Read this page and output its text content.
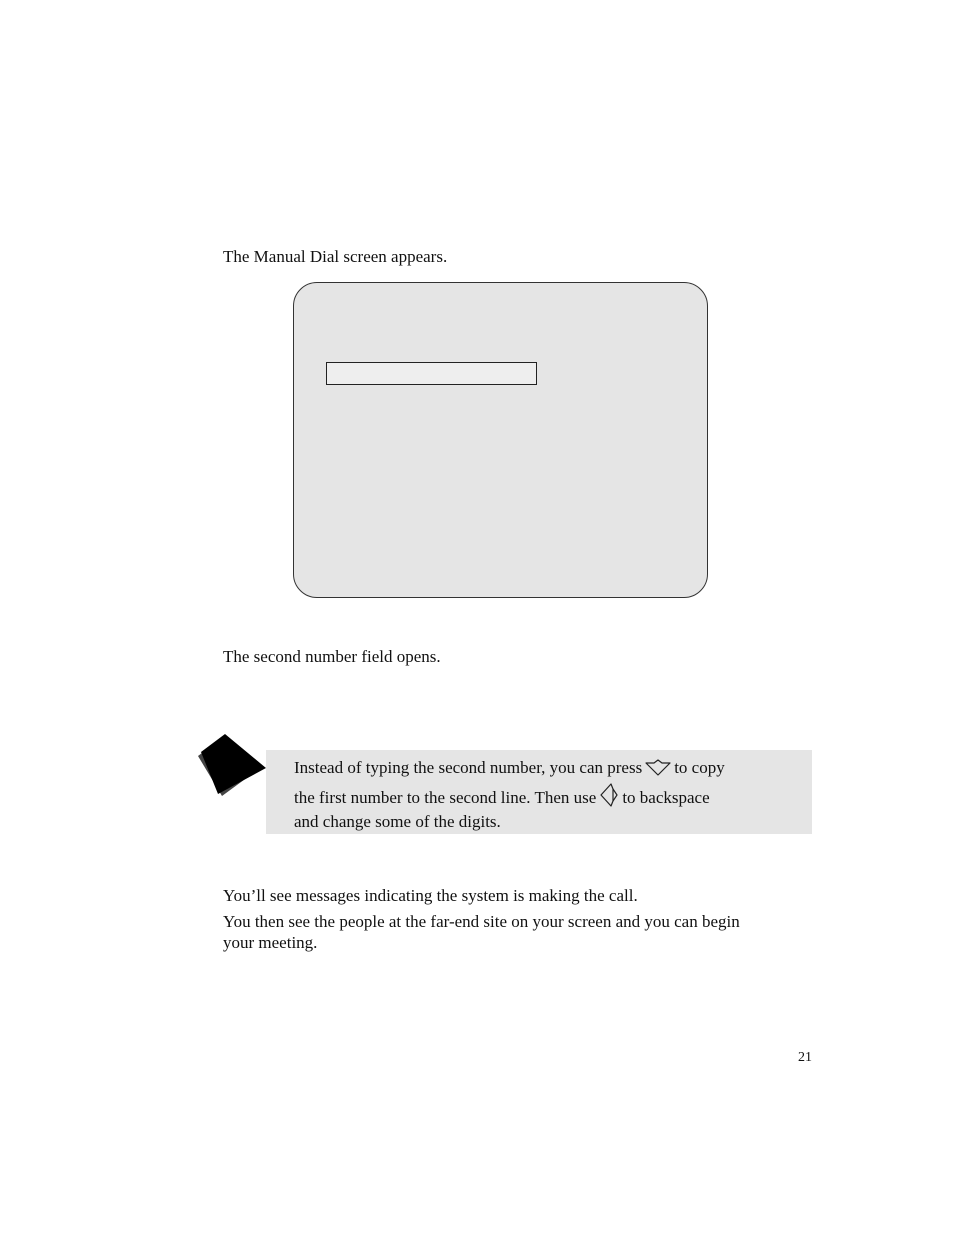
The Manual Dial screen appears.

The second number field opens.

Instead of typing the second number, you can press to copy
the first number to the second line. Then use to backspace
and change some of the digits.

You’ll see messages indicating the system is making the call.

You then see the people at the far-end site on your screen and you can begin
your meeting.

21
